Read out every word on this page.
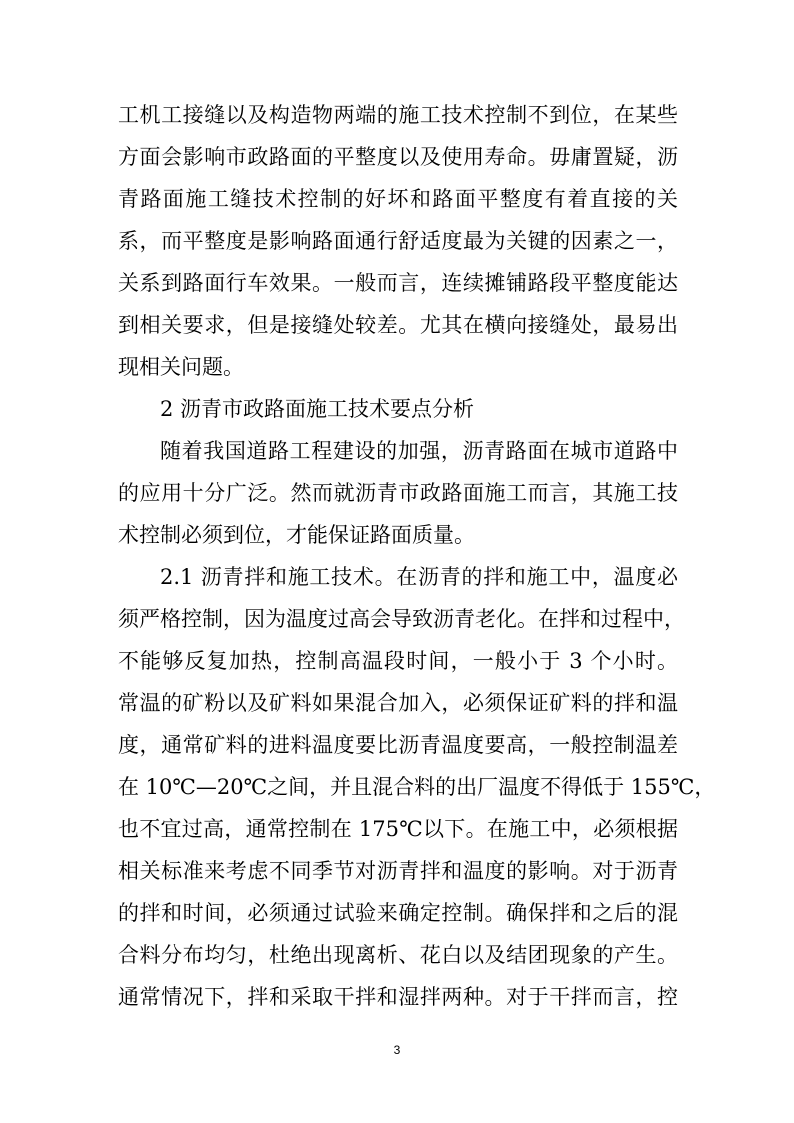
工机工接缝以及构造物两端的施工技术控制不到位，在某些
方面会影响市政路面的平整度以及使用寿命。毋庸置疑，沥
青路面施工缝技术控制的好坏和路面平整度有着直接的关
系，而平整度是影响路面通行舒适度最为关键的因素之一，
关系到路面行车效果。一般而言，连续摊铺路段平整度能达
到相关要求，但是接缝处较差。尤其在横向接缝处，最易出
现相关问题。
2 沥青市政路面施工技术要点分析
随着我国道路工程建设的加强，沥青路面在城市道路中
的应用十分广泛。然而就沥青市政路面施工而言，其施工技
术控制必须到位，才能保证路面质量。
2.1 沥青拌和施工技术。在沥青的拌和施工中，温度必
须严格控制，因为温度过高会导致沥青老化。在拌和过程中，
不能够反复加热，控制高温段时间，一般小于 3 个小时。
常温的矿粉以及矿料如果混合加入，必须保证矿料的拌和温
度，通常矿料的进料温度要比沥青温度要高，一般控制温差
在 10℃—20℃之间，并且混合料的出厂温度不得低于 155℃，
也不宜过高，通常控制在 175℃以下。在施工中，必须根据
相关标准来考虑不同季节对沥青拌和温度的影响。对于沥青
的拌和时间，必须通过试验来确定控制。确保拌和之后的混
合料分布均匀，杜绝出现离析、花白以及结团现象的产生。
通常情况下，拌和采取干拌和湿拌两种。对于干拌而言，控
3
